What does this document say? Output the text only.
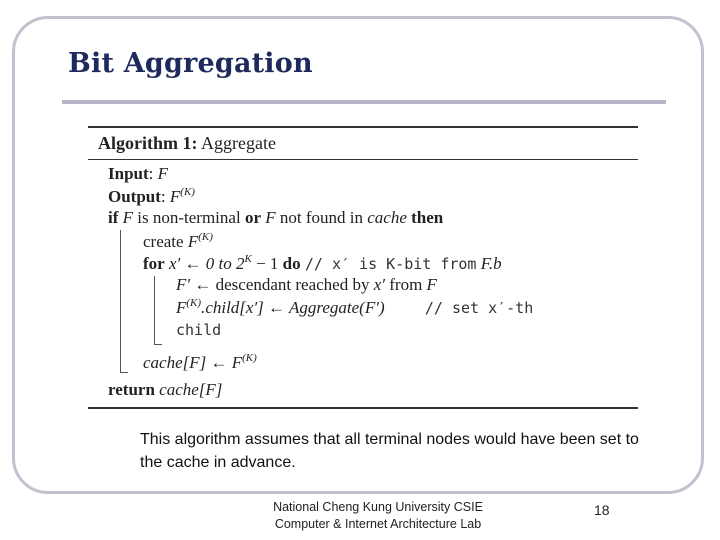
Bit Aggregation
Algorithm 1: Aggregate
Input: F
Output: $F^{(K)}$
if F is non-terminal or F not found in cache then
create $F^{(K)}$
for x′ ← 0 to $2^K - 1$ do // x′ is K-bit from F.b
F′ ← descendant reached by x′ from F
$F^{(K)}.child[x']$ ← Aggregate(F′)	// set x′-th
child
cache[F] ← $F^{(K)}$
return cache[F]

This algorithm assumes that all terminal nodes would have been set to the cache in advance.

National Cheng Kung University CSIE
Computer & Internet Architecture Lab
18
